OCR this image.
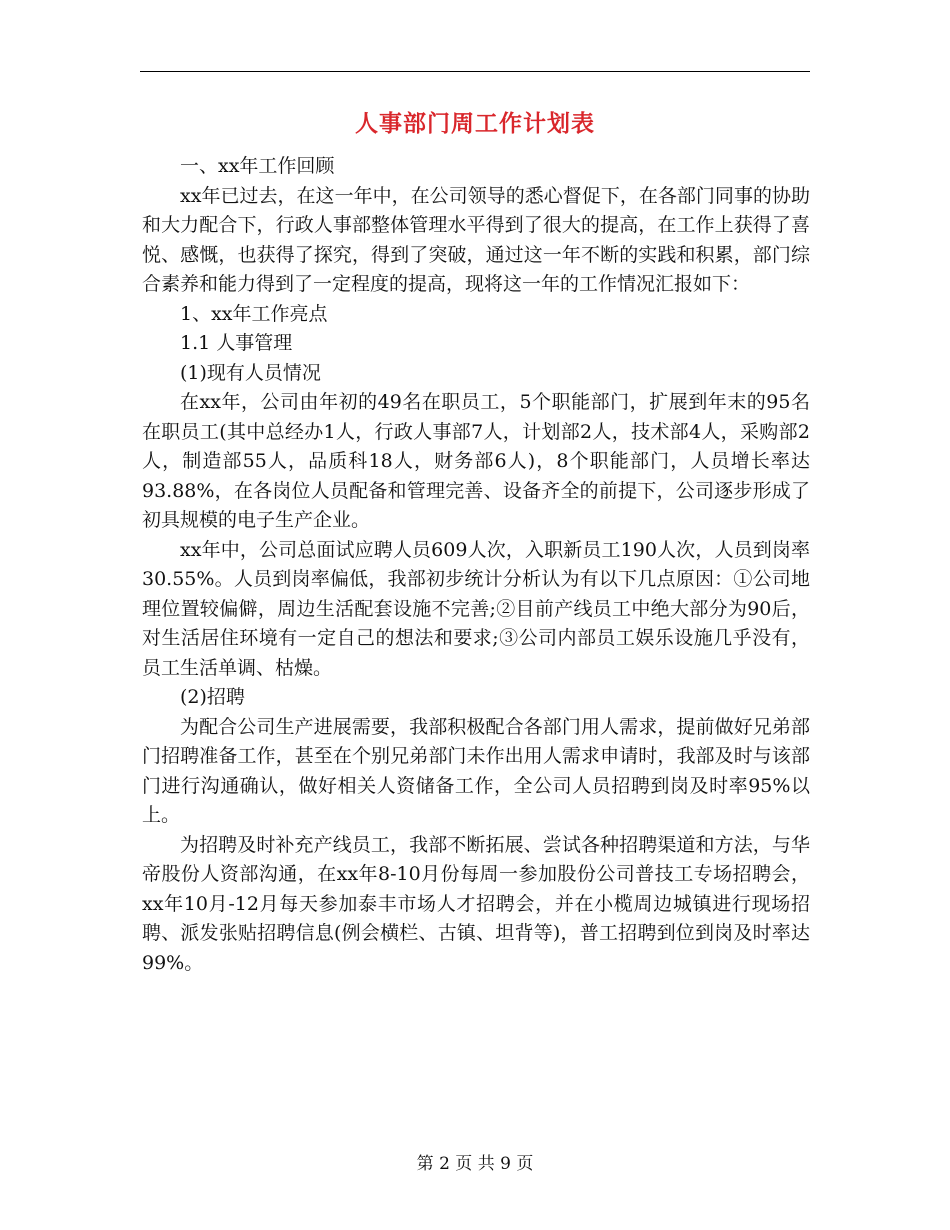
人事部门周工作计划表

一、xx年工作回顾

xx年已过去，在这一年中，在公司领导的悉心督促下，在各部门同事的协助和大力配合下，行政人事部整体管理水平得到了很大的提高，在工作上获得了喜悦、感慨，也获得了探究，得到了突破，通过这一年不断的实践和积累，部门综合素养和能力得到了一定程度的提高，现将这一年的工作情况汇报如下：

1、xx年工作亮点

1.1 人事管理

(1)现有人员情况

在xx年，公司由年初的49名在职员工，5个职能部门，扩展到年末的95名在职员工(其中总经办1人，行政人事部7人，计划部2人，技术部4人，采购部2人，制造部55人，品质科18人，财务部6人)，8个职能部门，人员增长率达93.88%，在各岗位人员配备和管理完善、设备齐全的前提下，公司逐步形成了初具规模的电子生产企业。

xx年中，公司总面试应聘人员609人次，入职新员工190人次，人员到岗率30.55%。人员到岗率偏低，我部初步统计分析认为有以下几点原因：①公司地理位置较偏僻，周边生活配套设施不完善;②目前产线员工中绝大部分为90后，对生活居住环境有一定自己的想法和要求;③公司内部员工娱乐设施几乎没有，员工生活单调、枯燥。

(2)招聘

为配合公司生产进展需要，我部积极配合各部门用人需求，提前做好兄弟部门招聘准备工作，甚至在个别兄弟部门未作出用人需求申请时，我部及时与该部门进行沟通确认，做好相关人资储备工作，全公司人员招聘到岗及时率95%以上。

为招聘及时补充产线员工，我部不断拓展、尝试各种招聘渠道和方法，与华帝股份人资部沟通，在xx年8-10月份每周一参加股份公司普技工专场招聘会，xx年10月-12月每天参加泰丰市场人才招聘会，并在小榄周边城镇进行现场招聘、派发张贴招聘信息(例会横栏、古镇、坦背等)，普工招聘到位到岗及时率达99%。

第 2 页 共 9 页
